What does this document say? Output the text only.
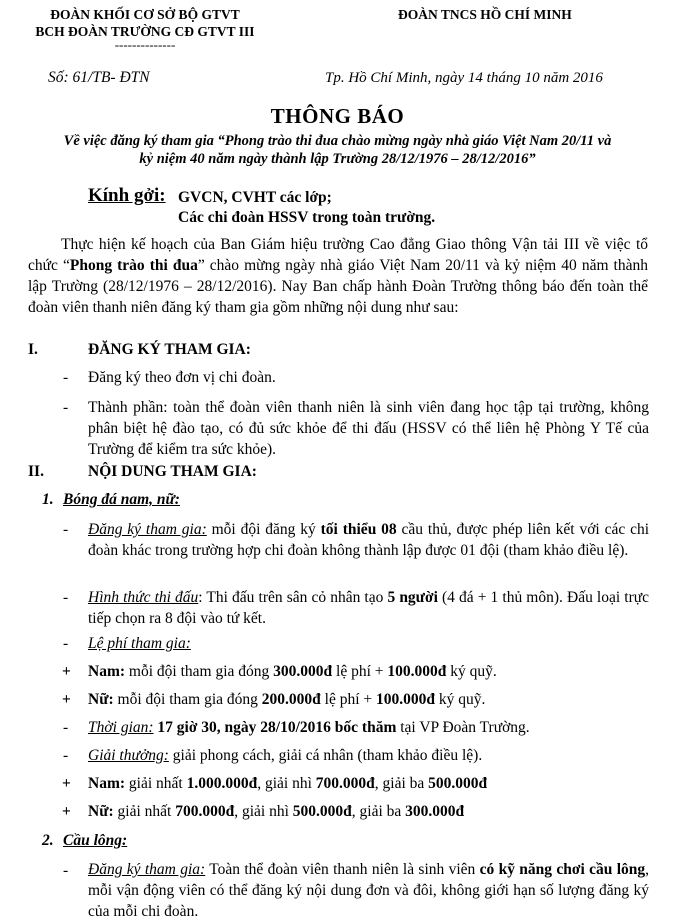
ĐOÀN KHỐI CƠ SỞ BỘ GTVT
BCH ĐOÀN TRƯỜNG CĐ GTVT III
--------------
ĐOÀN TNCS HỒ CHÍ MINH
Số: 61/TB- ĐTN	Tp. Hồ Chí Minh, ngày 14 tháng 10 năm 2016
THÔNG BÁO
Về việc đăng ký tham gia “Phong trào thi đua chào mừng ngày nhà giáo Việt Nam 20/11 và
kỷ niệm 40 năm ngày thành lập Trường 28/12/1976 – 28/12/2016”
Kính gởi: GVCN, CVHT các lớp;
Các chi đoàn HSSV trong toàn trường.
Thực hiện kế hoạch của Ban Giám hiệu trường Cao đẳng Giao thông Vận tải III về việc tổ chức “Phong trào thi đua” chào mừng ngày nhà giáo Việt Nam 20/11 và kỷ niệm 40 năm thành lập Trường (28/12/1976 – 28/12/2016). Nay Ban chấp hành Đoàn Trường thông báo đến toàn thể đoàn viên thanh niên đăng ký tham gia gồm những nội dung như sau:
I.	ĐĂNG KÝ THAM GIA:
- Đăng ký theo đơn vị chi đoàn.
- Thành phần: toàn thể đoàn viên thanh niên là sinh viên đang học tập tại trường, không phân biệt hệ đào tạo, có đủ sức khỏe để thi đấu (HSSV có thể liên hệ Phòng Y Tế của Trường để kiểm tra sức khỏe).
II.	NỘI DUNG THAM GIA:
1. Bóng đá nam, nữ:
- Đăng ký tham gia: mỗi đội đăng ký tối thiểu 08 cầu thủ, được phép liên kết với các chi đoàn khác trong trường hợp chi đoàn không thành lập được 01 đội (tham khảo điều lệ).
- Hình thức thi đấu: Thi đấu trên sân cỏ nhân tạo 5 người (4 đá + 1 thủ môn). Đấu loại trực tiếp chọn ra 8 đội vào tứ kết.
- Lệ phí tham gia:
+ Nam: mỗi đội tham gia đóng 300.000đ lệ phí + 100.000đ ký quỹ.
+ Nữ: mỗi đội tham gia đóng 200.000đ lệ phí + 100.000đ ký quỹ.
- Thời gian: 17 giờ 30, ngày 28/10/2016 bốc thăm tại VP Đoàn Trường.
- Giải thưởng: giải phong cách, giải cá nhân (tham khảo điều lệ).
+ Nam: giải nhất 1.000.000đ, giải nhì 700.000đ, giải ba 500.000đ
+ Nữ: giải nhất 700.000đ, giải nhì 500.000đ, giải ba 300.000đ
2. Cầu lông:
- Đăng ký tham gia: Toàn thể đoàn viên thanh niên là sinh viên có kỹ năng chơi cầu lông, mỗi vận động viên có thể đăng ký nội dung đơn và đôi, không giới hạn số lượng đăng ký của mỗi chi đoàn.
